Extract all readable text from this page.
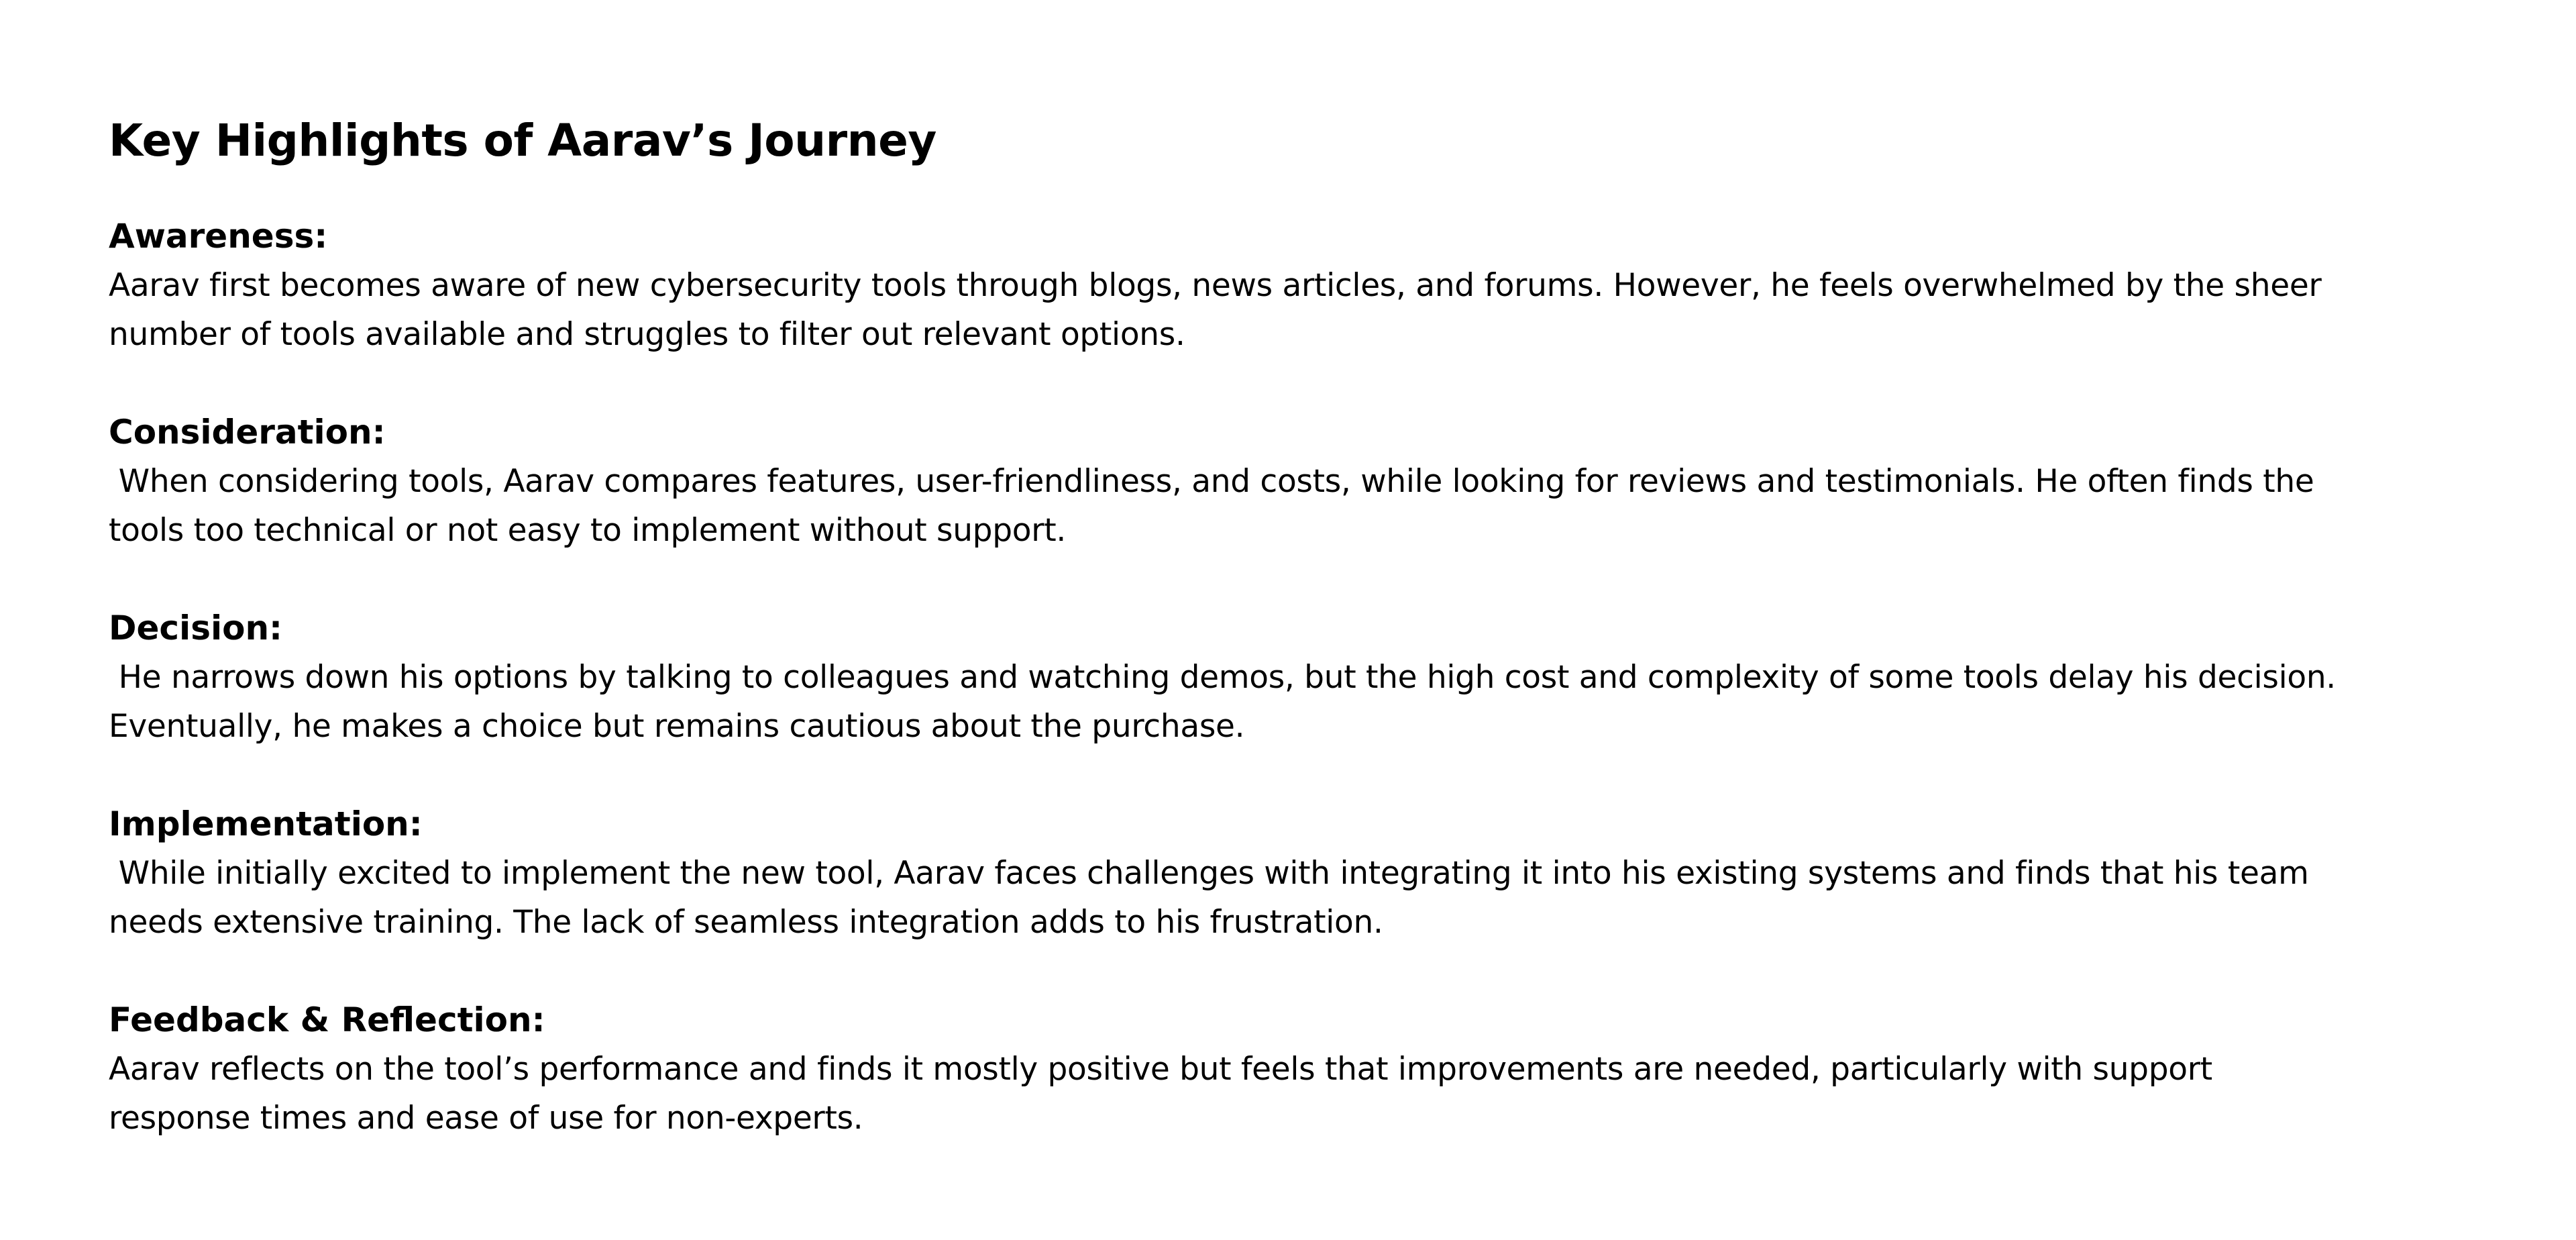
Key Highlights of Aarav’s Journey

Awareness:

Aarav first becomes aware of new cybersecurity tools through blogs, news articles, and forums. However, he feels overwhelmed by the sheer number of tools available and struggles to filter out relevant options.

Consideration:

When considering tools, Aarav compares features, user-friendliness, and costs, while looking for reviews and testimonials. He often finds the tools too technical or not easy to implement without support.

Decision:

He narrows down his options by talking to colleagues and watching demos, but the high cost and complexity of some tools delay his decision. Eventually, he makes a choice but remains cautious about the purchase.

Implementation:

While initially excited to implement the new tool, Aarav faces challenges with integrating it into his existing systems and finds that his team needs extensive training. The lack of seamless integration adds to his frustration.

Feedback & Reflection:

Aarav reflects on the tool’s performance and finds it mostly positive but feels that improvements are needed, particularly with support response times and ease of use for non-experts.
